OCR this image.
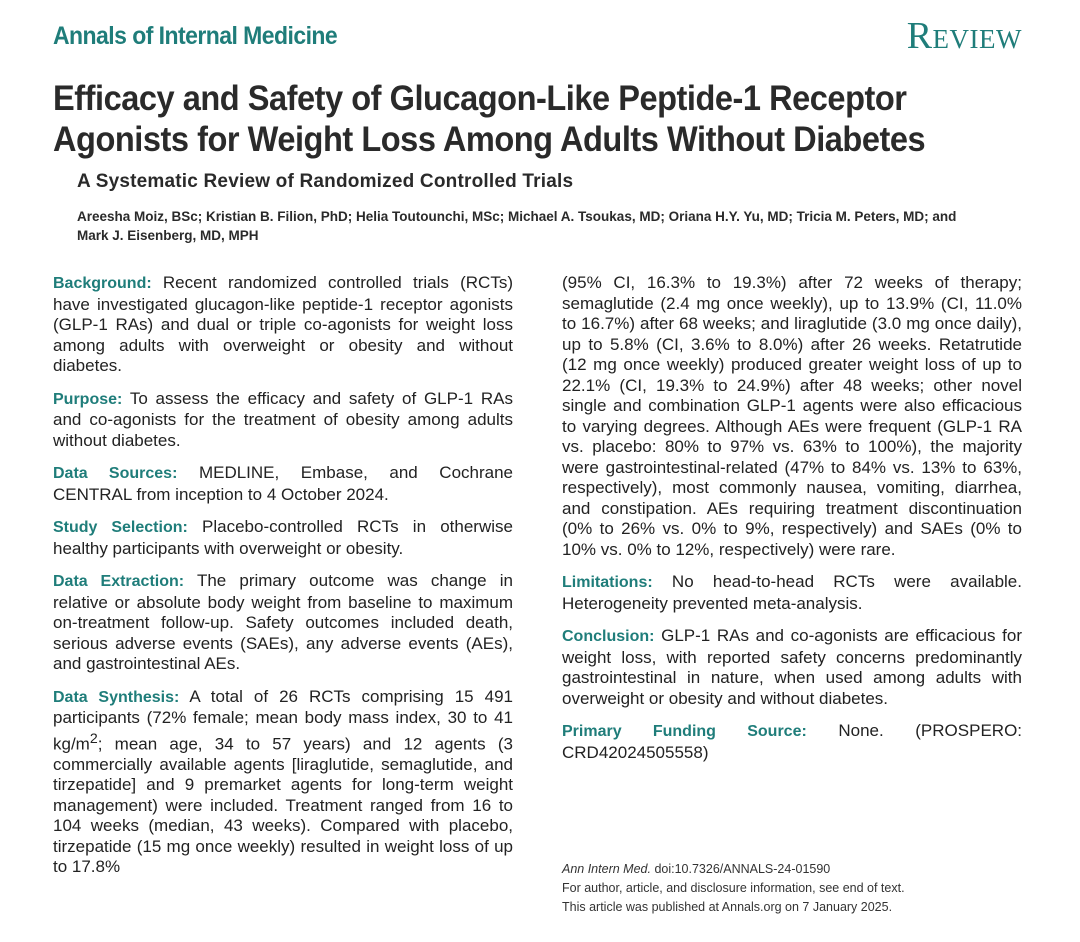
Annals of Internal Medicine	Review
Efficacy and Safety of Glucagon-Like Peptide-1 Receptor Agonists for Weight Loss Among Adults Without Diabetes
A Systematic Review of Randomized Controlled Trials
Areesha Moiz, BSc; Kristian B. Filion, PhD; Helia Toutounchi, MSc; Michael A. Tsoukas, MD; Oriana H.Y. Yu, MD; Tricia M. Peters, MD; and Mark J. Eisenberg, MD, MPH

Background: Recent randomized controlled trials (RCTs) have investigated glucagon-like peptide-1 receptor agonists (GLP-1 RAs) and dual or triple co-agonists for weight loss among adults with overweight or obesity and without diabetes.

Purpose: To assess the efficacy and safety of GLP-1 RAs and co-agonists for the treatment of obesity among adults without diabetes.

Data Sources: MEDLINE, Embase, and Cochrane CENTRAL from inception to 4 October 2024.

Study Selection: Placebo-controlled RCTs in otherwise healthy participants with overweight or obesity.

Data Extraction: The primary outcome was change in relative or absolute body weight from baseline to maximum on-treatment follow-up. Safety outcomes included death, serious adverse events (SAEs), any adverse events (AEs), and gastrointestinal AEs.

Data Synthesis: A total of 26 RCTs comprising 15 491 participants (72% female; mean body mass index, 30 to 41 $kg/m^2$; mean age, 34 to 57 years) and 12 agents (3 commercially available agents [liraglutide, semaglutide, and tirzepatide] and 9 premarket agents for long-term weight management) were included. Treatment ranged from 16 to 104 weeks (median, 43 weeks). Compared with placebo, tirzepatide (15 mg once weekly) resulted in weight loss of up to 17.8%

(95% CI, 16.3% to 19.3%) after 72 weeks of therapy; semaglutide (2.4 mg once weekly), up to 13.9% (CI, 11.0% to 16.7%) after 68 weeks; and liraglutide (3.0 mg once daily), up to 5.8% (CI, 3.6% to 8.0%) after 26 weeks. Retatrutide (12 mg once weekly) produced greater weight loss of up to 22.1% (CI, 19.3% to 24.9%) after 48 weeks; other novel single and combination GLP-1 agents were also efficacious to varying degrees. Although AEs were frequent (GLP-1 RA vs. placebo: 80% to 97% vs. 63% to 100%), the majority were gastrointestinal-related (47% to 84% vs. 13% to 63%, respectively), most commonly nausea, vomiting, diarrhea, and constipation. AEs requiring treatment discontinuation (0% to 26% vs. 0% to 9%, respectively) and SAEs (0% to 10% vs. 0% to 12%, respectively) were rare.

Limitations: No head-to-head RCTs were available. Heterogeneity prevented meta-analysis.

Conclusion: GLP-1 RAs and co-agonists are efficacious for weight loss, with reported safety concerns predominantly gastrointestinal in nature, when used among adults with overweight or obesity and without diabetes.

Primary Funding Source: None. (PROSPERO: CRD42024505558)

Ann Intern Med. doi:10.7326/ANNALS-24-01590
For author, article, and disclosure information, see end of text.
This article was published at Annals.org on 7 January 2025.
